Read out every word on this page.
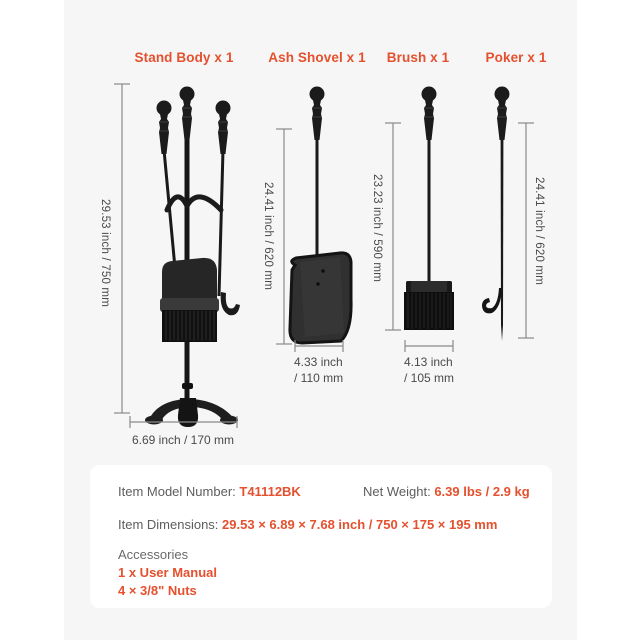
Stand Body x 1	Ash Shovel x 1	Brush x 1	Poker x 1
29.53 inch / 750 mm	24.41 inch / 620 mm	23.23 inch / 590 mm	24.41 inch / 620 mm
6.69 inch / 170 mm
4.33 inch
/ 110 mm
4.13 inch
/ 105 mm
Item Model Number: T41112BK	Net Weight: 6.39 lbs / 2.9 kg
Item Dimensions: 29.53 × 6.89 × 7.68 inch / 750 × 175 × 195 mm
Accessories
1 x User Manual
4 × 3/8" Nuts
